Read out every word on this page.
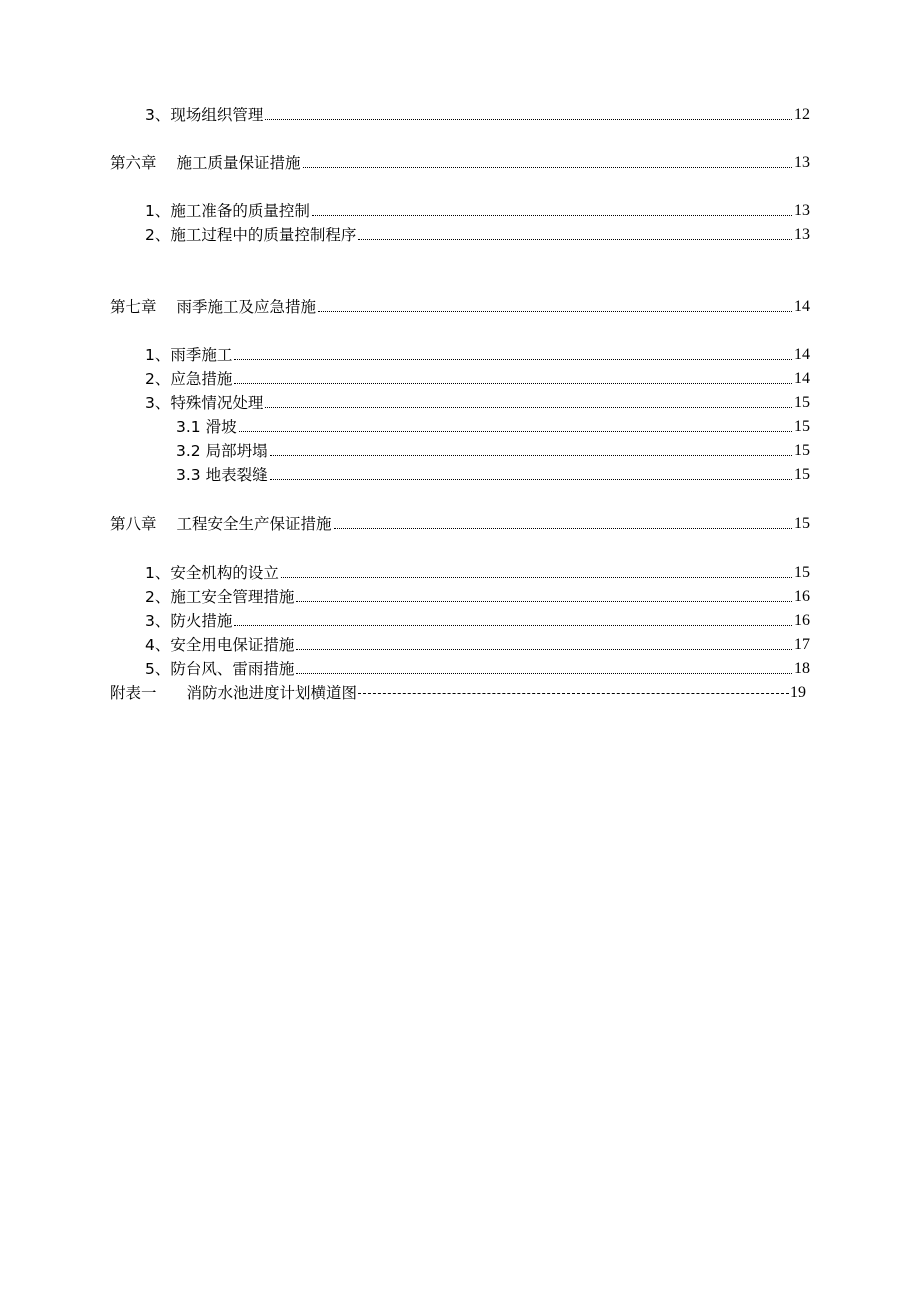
3、 现场组织管理	12
第六章 施工质量保证措施	13
1、 施工准备的质量控制	13
2、 施工过程中的质量控制程序	13
第七章 雨季施工及应急措施	14
1、 雨季施工	14
2、 应急措施	14
3、 特殊情况处理	15
3.1 滑坡	15
3.2 局部坍塌	15
3.3 地表裂缝	15
第八章 工程安全生产保证措施	15
1、 安全机构的设立	15
2、 施工安全管理措施	16
3、 防火措施	16
4、 安全用电保证措施	17
5、 防台风、雷雨措施	18
附表一 消防水池进度计划横道图	19
